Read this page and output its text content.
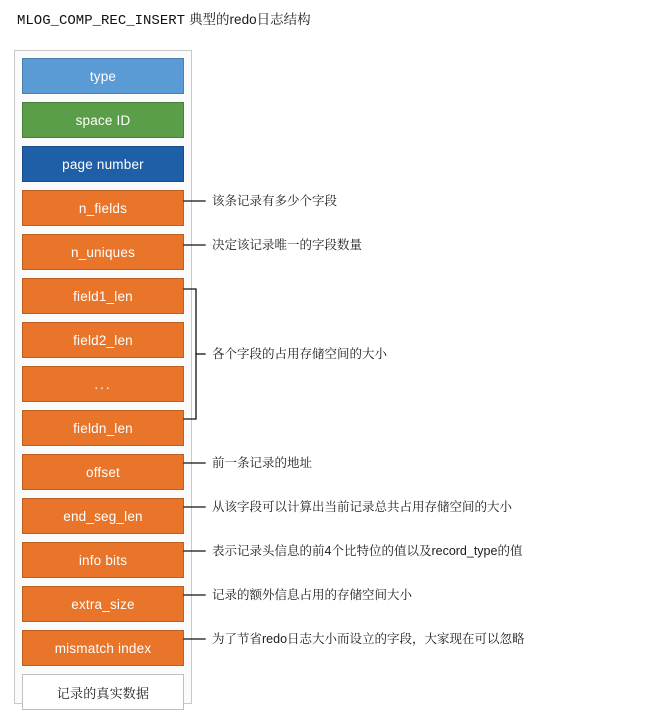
MLOG_COMP_REC_INSERT 典型的redo日志结构
type
space ID
page number
n_fields
n_uniques
field1_len
field2_len
...
fieldn_len
offset
end_seg_len
info bits
extra_size
mismatch index
记录的真实数据
该条记录有多少个字段
决定该记录唯一的字段数量
各个字段的占用存储空间的大小
前一条记录的地址
从该字段可以计算出当前记录总共占用存储空间的大小
表示记录头信息的前4个比特位的值以及record_type的值
记录的额外信息占用的存储空间大小
为了节省redo日志大小而设立的字段，大家现在可以忽略
